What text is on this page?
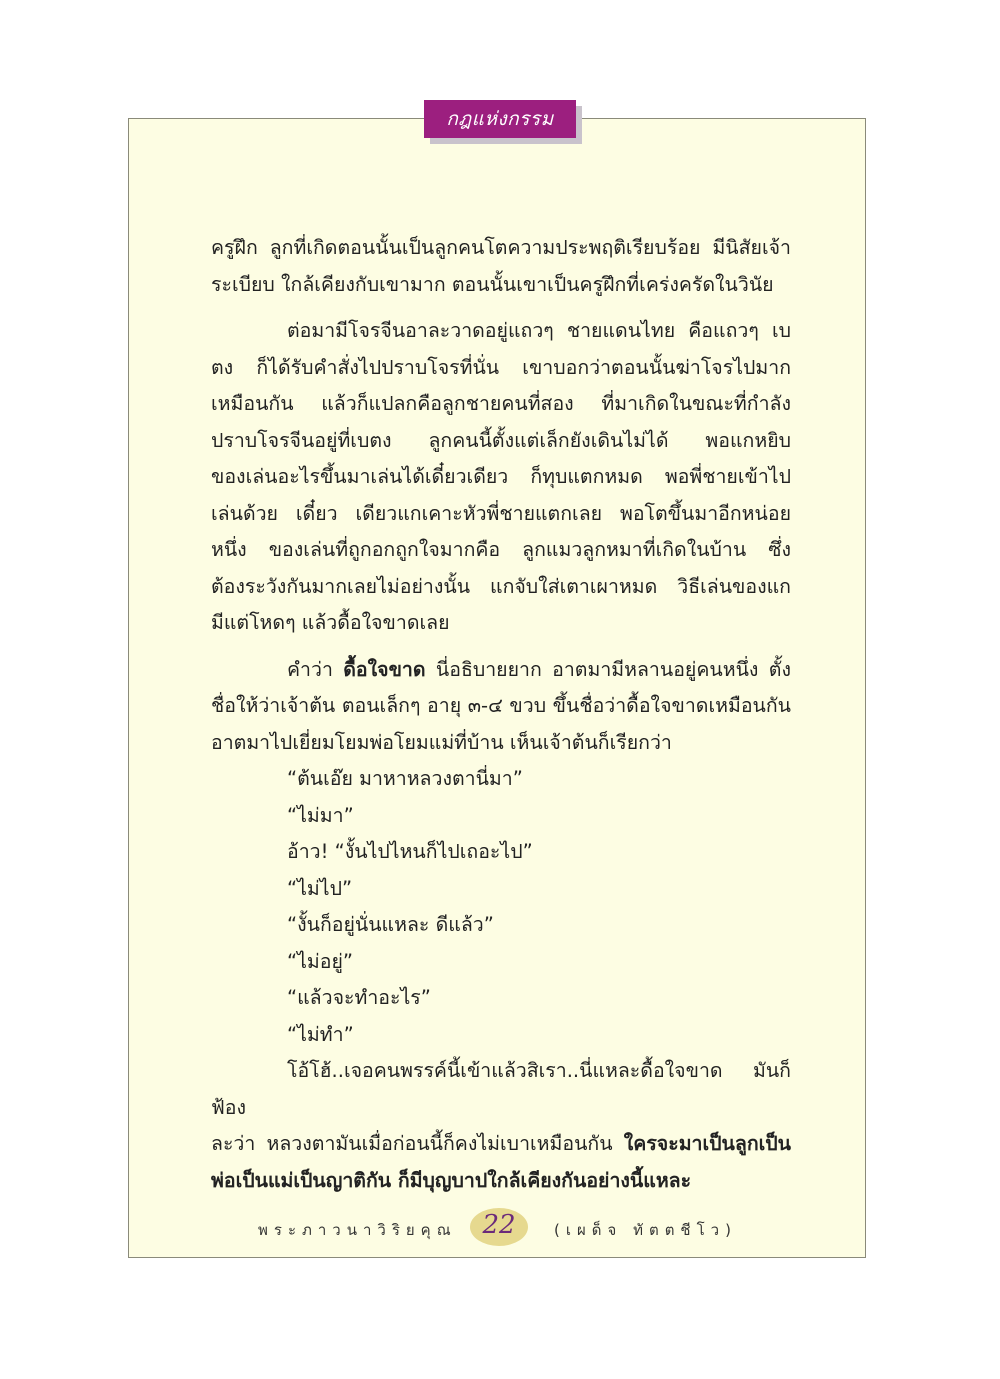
กฎแห่งกรรม

ครูฝึก ลูกที่เกิดตอนนั้นเป็นลูกคนโตความประพฤติเรียบร้อย มีนิสัยเจ้า

ระเบียบ ใกล้เคียงกับเขามาก ตอนนั้นเขาเป็นครูฝึกที่เคร่งครัดในวินัย

ต่อมามีโจรจีนอาละวาดอยู่แถวๆ ชายแดนไทย คือแถวๆ เบ

ตง ก็ได้รับคำสั่งไปปราบโจรที่นั่น เขาบอกว่าตอนนั้นฆ่าโจรไปมาก

เหมือนกัน แล้วก็แปลกคือลูกชายคนที่สอง ที่มาเกิดในขณะที่กำลัง

ปราบโจรจีนอยู่ที่เบตง ลูกคนนี้ตั้งแต่เล็กยังเดินไม่ได้ พอแกหยิบ

ของเล่นอะไรขึ้นมาเล่นได้เดี๋ยวเดียว ก็ทุบแตกหมด พอพี่ชายเข้าไป

เล่นด้วย เดี๋ยว เดียวแกเคาะหัวพี่ชายแตกเลย พอโตขึ้นมาอีกหน่อย

หนึ่ง ของเล่นที่ถูกอกถูกใจมากคือ ลูกแมวลูกหมาที่เกิดในบ้าน ซึ่ง

ต้องระวังกันมากเลยไม่อย่างนั้น แกจับใส่เตาเผาหมด วิธีเล่นของแก

มีแต่โหดๆ แล้วดื้อใจขาดเลย

คำว่า ดื้อใจขาด นี่อธิบายยาก อาตมามีหลานอยู่คนหนึ่ง ตั้ง

ชื่อให้ว่าเจ้าต้น ตอนเล็กๆ อายุ ๓-๔ ขวบ ขึ้นชื่อว่าดื้อใจขาดเหมือนกัน

อาตมาไปเยี่ยมโยมพ่อโยมแม่ที่บ้าน เห็นเจ้าต้นก็เรียกว่า

“ต้นเอ๊ย มาหาหลวงตานี่มา”

“ไม่มา”

อ้าว! “งั้นไปไหนก็ไปเถอะไป”

“ไม่ไป”

“งั้นก็อยู่นั่นแหละ ดีแล้ว”

“ไม่อยู่”

“แล้วจะทำอะไร”

“ไม่ทำ”

โอ้โฮ้..เจอคนพรรค์นี้เข้าแล้วสิเรา..นี่แหละดื้อใจขาด มันก็ฟ้อง

ละว่า หลวงตามันเมื่อก่อนนี้ก็คงไม่เบาเหมือนกัน ใครจะมาเป็นลูกเป็น

พ่อเป็นแม่เป็นญาติกัน ก็มีบุญบาปใกล้เคียงกันอย่างนี้แหละ

พระภาวนาวิริยคุณ 22	(เผด็จ ทัตตชีโว)
